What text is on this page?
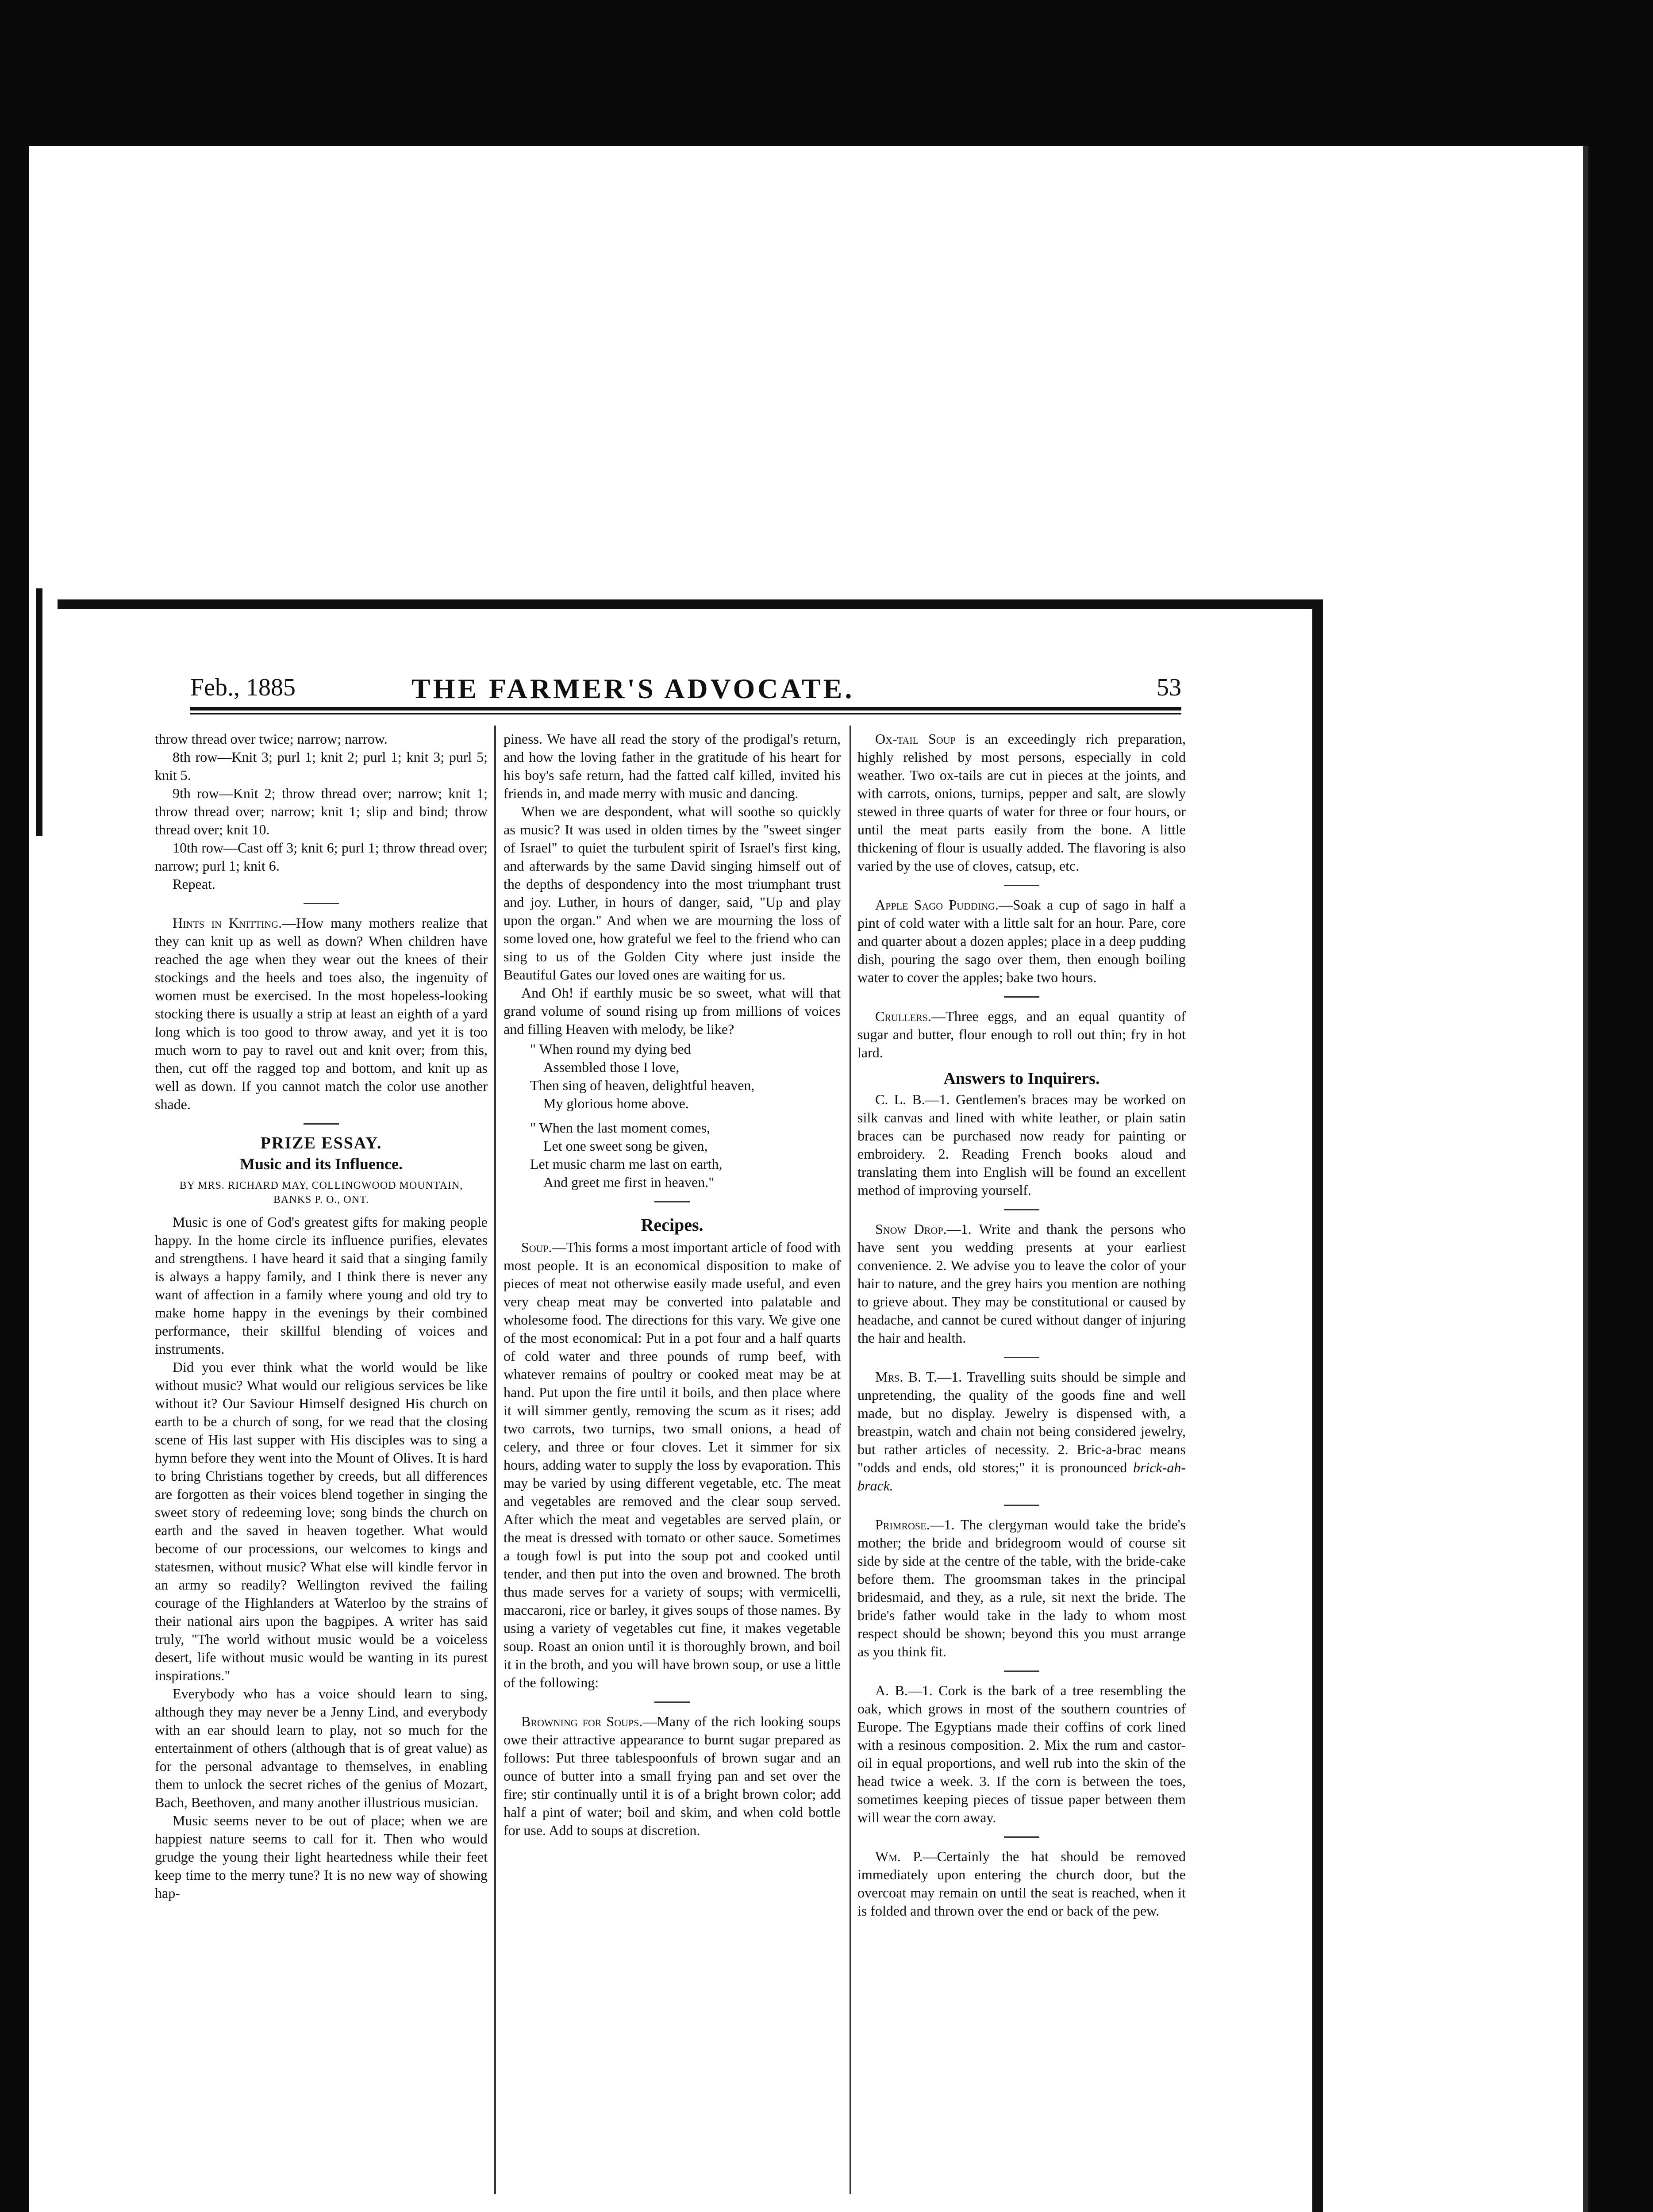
Feb., 1885	THE FARMER'S ADVOCATE.	53

throw thread over twice; narrow; narrow.

8th row—Knit 3; purl 1; knit 2; purl 1; knit 3; purl 5; knit 5.

9th row—Knit 2; throw thread over; narrow; knit 1; throw thread over; narrow; knit 1; slip and bind; throw thread over; knit 10.

10th row—Cast off 3; knit 6; purl 1; throw thread over; narrow; purl 1; knit 6.

Repeat.

Hints in Knitting.—How many mothers realize that they can knit up as well as down? When children have reached the age when they wear out the knees of their stockings and the heels and toes also, the ingenuity of women must be exercised. In the most hopeless-looking stocking there is usually a strip at least an eighth of a yard long which is too good to throw away, and yet it is too much worn to pay to ravel out and knit over; from this, then, cut off the ragged top and bottom, and knit up as well as down. If you cannot match the color use another shade.

PRIZE ESSAY.
Music and its Influence.
BY MRS. RICHARD MAY, COLLINGWOOD MOUNTAIN, BANKS P. O., ONT.

Music is one of God's greatest gifts for making people happy. In the home circle its influence purifies, elevates and strengthens. I have heard it said that a singing family is always a happy family, and I think there is never any want of affection in a family where young and old try to make home happy in the evenings by their combined performance, their skillful blending of voices and instruments.

Did you ever think what the world would be like without music? What would our religious services be like without it? Our Saviour Himself designed His church on earth to be a church of song, for we read that the closing scene of His last supper with His disciples was to sing a hymn before they went into the Mount of Olives. It is hard to bring Christians together by creeds, but all differences are forgotten as their voices blend together in singing the sweet story of redeeming love; song binds the church on earth and the saved in heaven together. What would become of our processions, our welcomes to kings and statesmen, without music? What else will kindle fervor in an army so readily? Wellington revived the failing courage of the Highlanders at Waterloo by the strains of their national airs upon the bagpipes. A writer has said truly, "The world without music would be a voiceless desert, life without music would be wanting in its purest inspirations."

Everybody who has a voice should learn to sing, although they may never be a Jenny Lind, and everybody with an ear should learn to play, not so much for the entertainment of others (although that is of great value) as for the personal advantage to themselves, in enabling them to unlock the secret riches of the genius of Mozart, Bach, Beethoven, and many another illustrious musician.

Music seems never to be out of place; when we are happiest nature seems to call for it. Then who would grudge the young their light heartedness while their feet keep time to the merry tune? It is no new way of showing hap-

piness. We have all read the story of the prodigal's return, and how the loving father in the gratitude of his heart for his boy's safe return, had the fatted calf killed, invited his friends in, and made merry with music and dancing.

When we are despondent, what will soothe so quickly as music? It was used in olden times by the "sweet singer of Israel" to quiet the turbulent spirit of Israel's first king, and afterwards by the same David singing himself out of the depths of despondency into the most triumphant trust and joy. Luther, in hours of danger, said, "Up and play upon the organ." And when we are mourning the loss of some loved one, how grateful we feel to the friend who can sing to us of the Golden City where just inside the Beautiful Gates our loved ones are waiting for us.

And Oh! if earthly music be so sweet, what will that grand volume of sound rising up from millions of voices and filling Heaven with melody, be like?

" When round my dying bed
Assembled those I love,
Then sing of heaven, delightful heaven,
My glorious home above.
" When the last moment comes,
Let one sweet song be given,
Let music charm me last on earth,
And greet me first in heaven."
Recipes.

Soup.—This forms a most important article of food with most people. It is an economical disposition to make of pieces of meat not otherwise easily made useful, and even very cheap meat may be converted into palatable and wholesome food. The directions for this vary. We give one of the most economical: Put in a pot four and a half quarts of cold water and three pounds of rump beef, with whatever remains of poultry or cooked meat may be at hand. Put upon the fire until it boils, and then place where it will simmer gently, removing the scum as it rises; add two carrots, two turnips, two small onions, a head of celery, and three or four cloves. Let it simmer for six hours, adding water to supply the loss by evaporation. This may be varied by using different vegetable, etc. The meat and vegetables are removed and the clear soup served. After which the meat and vegetables are served plain, or the meat is dressed with tomato or other sauce. Sometimes a tough fowl is put into the soup pot and cooked until tender, and then put into the oven and browned. The broth thus made serves for a variety of soups; with vermicelli, maccaroni, rice or barley, it gives soups of those names. By using a variety of vegetables cut fine, it makes vegetable soup. Roast an onion until it is thoroughly brown, and boil it in the broth, and you will have brown soup, or use a little of the following:

Browning for Soups.—Many of the rich looking soups owe their attractive appearance to burnt sugar prepared as follows: Put three tablespoonfuls of brown sugar and an ounce of butter into a small frying pan and set over the fire; stir continually until it is of a bright brown color; add half a pint of water; boil and skim, and when cold bottle for use. Add to soups at discretion.

Ox-tail Soup is an exceedingly rich preparation, highly relished by most persons, especially in cold weather. Two ox-tails are cut in pieces at the joints, and with carrots, onions, turnips, pepper and salt, are slowly stewed in three quarts of water for three or four hours, or until the meat parts easily from the bone. A little thickening of flour is usually added. The flavoring is also varied by the use of cloves, catsup, etc.

Apple Sago Pudding.—Soak a cup of sago in half a pint of cold water with a little salt for an hour. Pare, core and quarter about a dozen apples; place in a deep pudding dish, pouring the sago over them, then enough boiling water to cover the apples; bake two hours.

Crullers.—Three eggs, and an equal quantity of sugar and butter, flour enough to roll out thin; fry in hot lard.

Answers to Inquirers.

C. L. B.—1. Gentlemen's braces may be worked on silk canvas and lined with white leather, or plain satin braces can be purchased now ready for painting or embroidery. 2. Reading French books aloud and translating them into English will be found an excellent method of improving yourself.

Snow Drop.—1. Write and thank the persons who have sent you wedding presents at your earliest convenience. 2. We advise you to leave the color of your hair to nature, and the grey hairs you mention are nothing to grieve about. They may be constitutional or caused by headache, and cannot be cured without danger of injuring the hair and health.

Mrs. B. T.—1. Travelling suits should be simple and unpretending, the quality of the goods fine and well made, but no display. Jewelry is dispensed with, a breastpin, watch and chain not being considered jewelry, but rather articles of necessity. 2. Bric-a-brac means "odds and ends, old stores;" it is pronounced brick-ah-brack.

Primrose.—1. The clergyman would take the bride's mother; the bride and bridegroom would of course sit side by side at the centre of the table, with the bride-cake before them. The groomsman takes in the principal bridesmaid, and they, as a rule, sit next the bride. The bride's father would take in the lady to whom most respect should be shown; beyond this you must arrange as you think fit.

A. B.—1. Cork is the bark of a tree resembling the oak, which grows in most of the southern countries of Europe. The Egyptians made their coffins of cork lined with a resinous composition. 2. Mix the rum and castor-oil in equal proportions, and well rub into the skin of the head twice a week. 3. If the corn is between the toes, sometimes keeping pieces of tissue paper between them will wear the corn away.

Wm. P.—Certainly the hat should be removed immediately upon entering the church door, but the overcoat may remain on until the seat is reached, when it is folded and thrown over the end or back of the pew.
